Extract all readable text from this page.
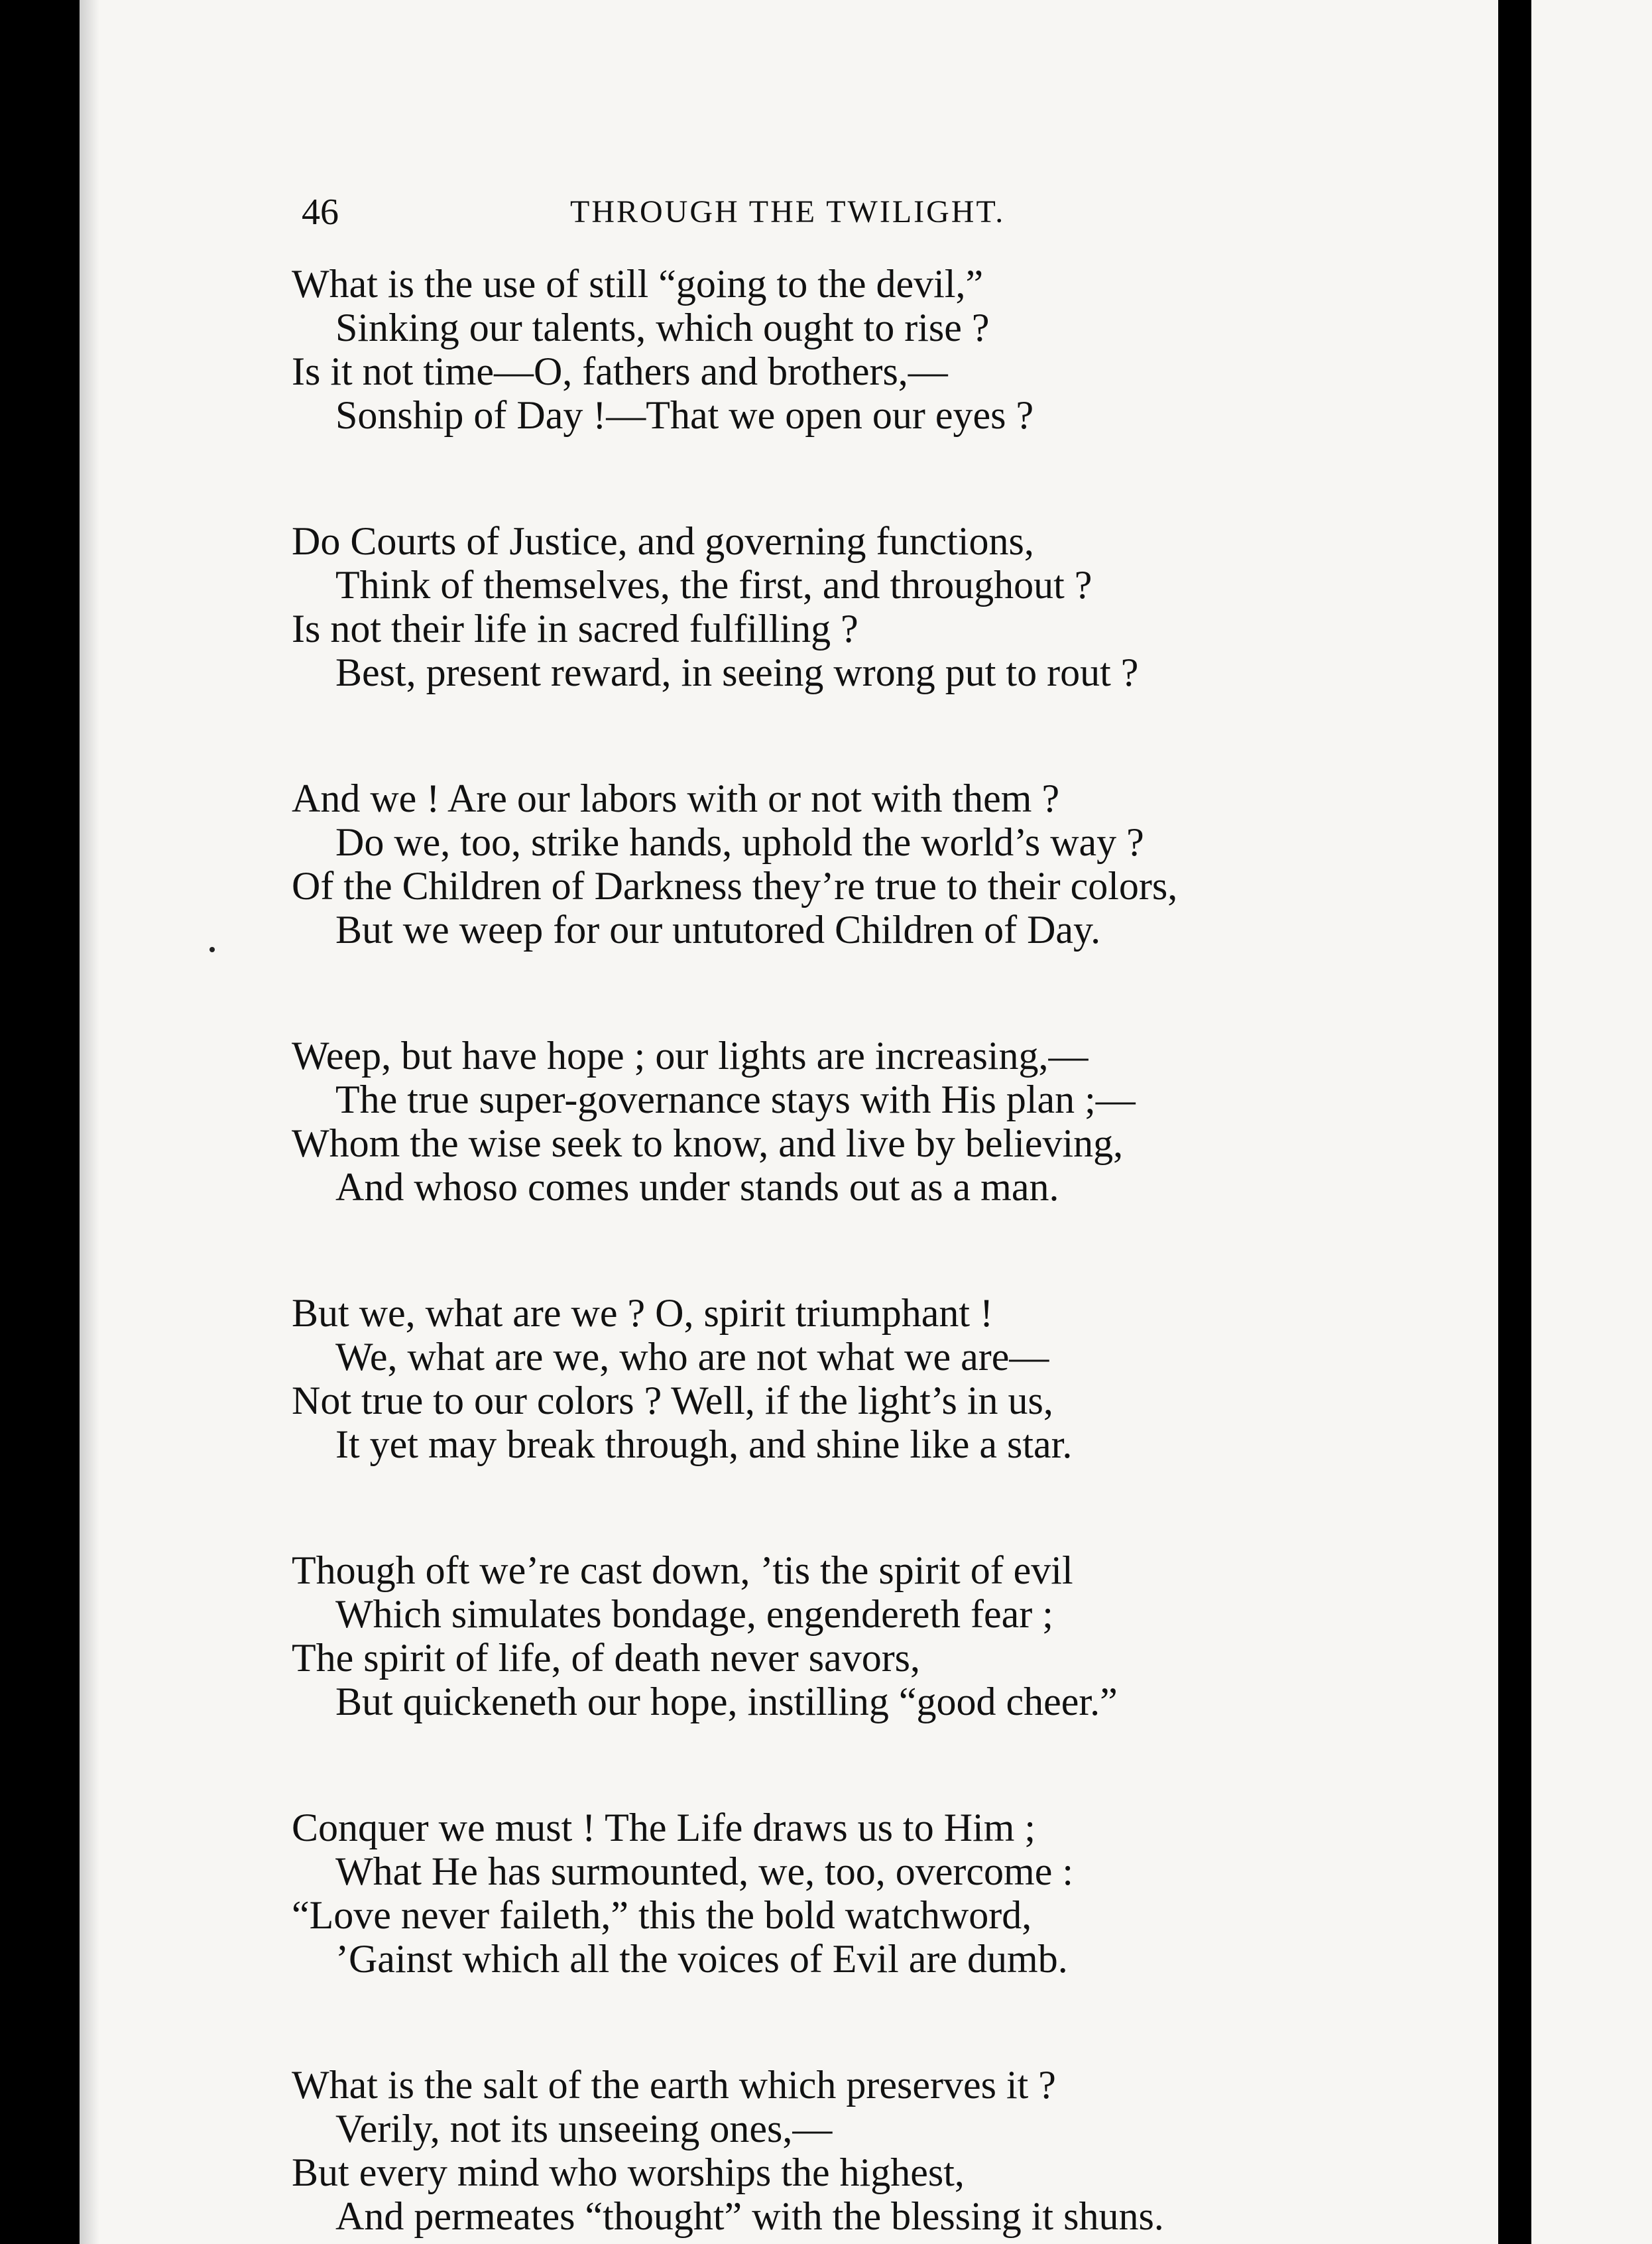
46	THROUGH THE TWILIGHT.
What is the use of still “going to the devil,”
Sinking our talents, which ought to rise ?
Is it not time—O, fathers and brothers,—
Sonship of Day !—That we open our eyes ?
Do Courts of Justice, and governing functions,
Think of themselves, the first, and throughout ?
Is not their life in sacred fulfilling ?
Best, present reward, in seeing wrong put to rout ?
And we ! Are our labors with or not with them ?
Do we, too, strike hands, uphold the world’s way ?
Of the Children of Darkness they’re true to their colors,
But we weep for our untutored Children of Day.
Weep, but have hope ; our lights are increasing,—
The true super-governance stays with His plan ;—
Whom the wise seek to know, and live by believing,
And whoso comes under stands out as a man.
But we, what are we ? O, spirit triumphant !
We, what are we, who are not what we are—
Not true to our colors ? Well, if the light’s in us,
It yet may break through, and shine like a star.
Though oft we’re cast down, ’tis the spirit of evil
Which simulates bondage, engendereth fear ;
The spirit of life, of death never savors,
But quickeneth our hope, instilling “good cheer.”
Conquer we must ! The Life draws us to Him ;
What He has surmounted, we, too, overcome :
“Love never faileth,” this the bold watchword,
’Gainst which all the voices of Evil are dumb.
What is the salt of the earth which preserves it ?
Verily, not its unseeing ones,—
But every mind who worships the highest,
And permeates “thought” with the blessing it shuns.
